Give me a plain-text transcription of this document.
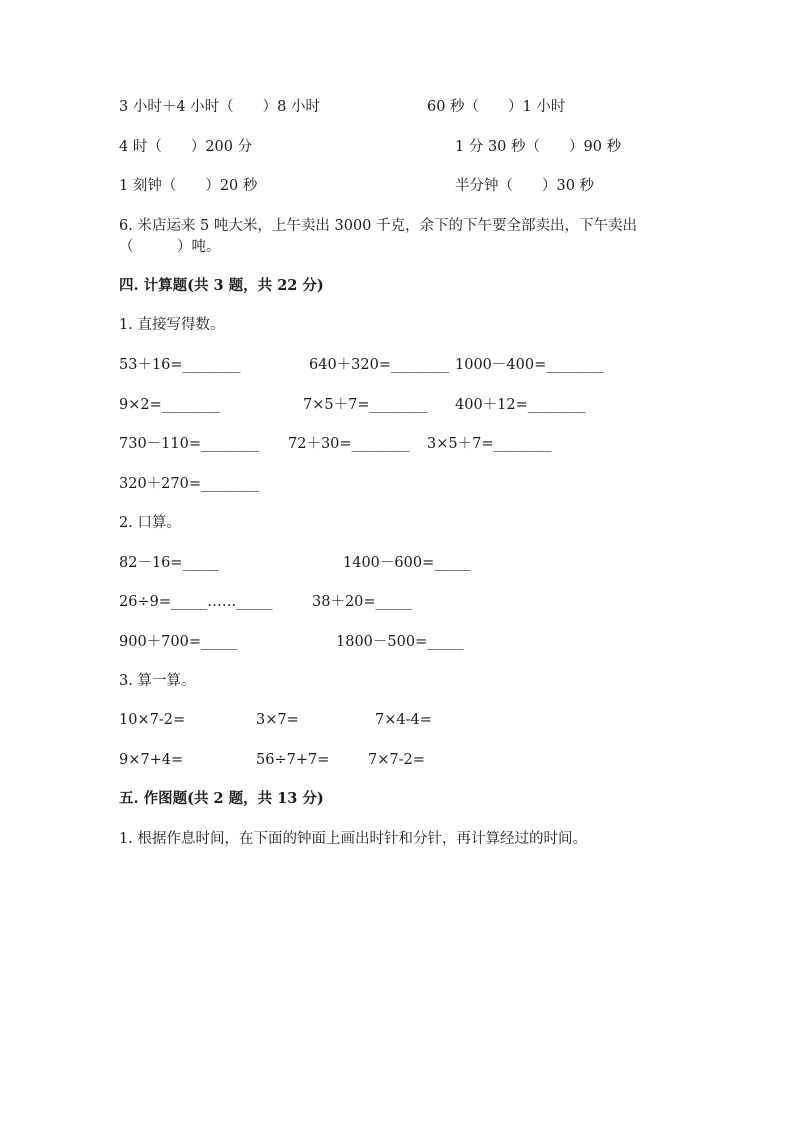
3 小时＋4 小时（　　）8 小时	60 秒（　　）1 小时
4 时（　　）200 分	1 分 30 秒（　　）90 秒
1 刻钟（　　）20 秒	半分钟（　　）30 秒
6. 米店运来 5 吨大米，上午卖出 3000 千克，余下的下午要全部卖出，下午卖出
（　　　）吨。
四. 计算题(共 3 题，共 22 分)
1. 直接写得数。
53＋16=________	640＋320=________ 1000－400=________
9×2=________	7×5＋7=________ 400＋12=________
730－110=________ 72＋30=________ 3×5＋7=________
320＋270=________
2. 口算。
82－16=_____	1400－600=_____
26÷9=_____……_____	38＋20=_____
900＋700=_____	1800－500=_____
3. 算一算。
10×7-2=	3×7=	7×4-4=
9×7+4=	56÷7+7=	7×7-2=
五. 作图题(共 2 题，共 13 分)
1. 根据作息时间，在下面的钟面上画出时针和分针，再计算经过的时间。
